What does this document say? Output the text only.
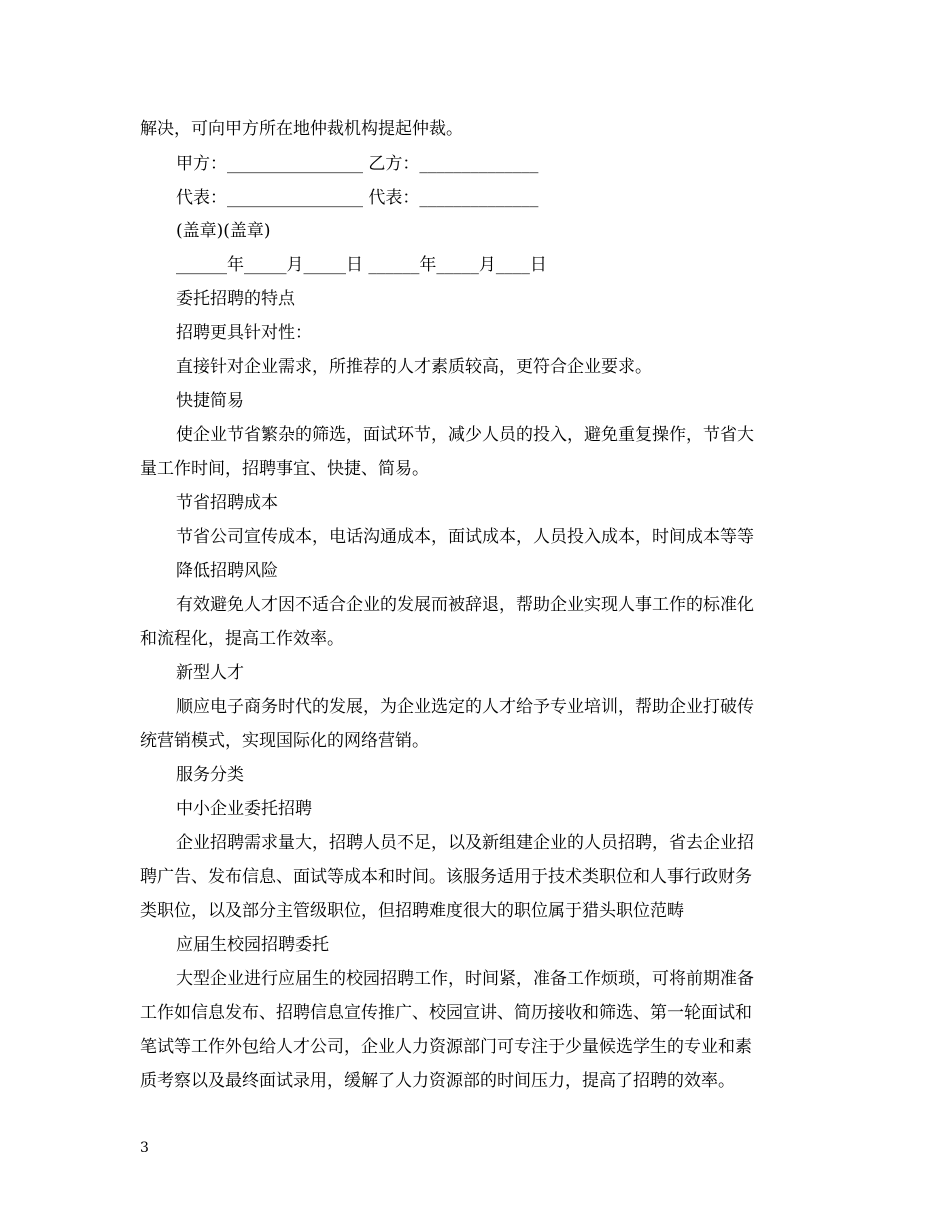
解决，可向甲方所在地仲裁机构提起仲裁。
甲方：________________ 乙方：______________
代表：________________ 代表：______________
(盖章)(盖章)
______年_____月_____日 ______年_____月____日
委托招聘的特点
招聘更具针对性：
直接针对企业需求，所推荐的人才素质较高，更符合企业要求。
快捷简易
使企业节省繁杂的筛选，面试环节，减少人员的投入，避免重复操作，节省大
量工作时间，招聘事宜、快捷、简易。
节省招聘成本
节省公司宣传成本，电话沟通成本，面试成本，人员投入成本，时间成本等等
降低招聘风险
有效避免人才因不适合企业的发展而被辞退，帮助企业实现人事工作的标准化
和流程化，提高工作效率。
新型人才
顺应电子商务时代的发展，为企业选定的人才给予专业培训，帮助企业打破传
统营销模式，实现国际化的网络营销。
服务分类
中小企业委托招聘
企业招聘需求量大，招聘人员不足，以及新组建企业的人员招聘，省去企业招
聘广告、发布信息、面试等成本和时间。该服务适用于技术类职位和人事行政财务
类职位，以及部分主管级职位，但招聘难度很大的职位属于猎头职位范畴
应届生校园招聘委托
大型企业进行应届生的校园招聘工作，时间紧，准备工作烦琐，可将前期准备
工作如信息发布、招聘信息宣传推广、校园宣讲、简历接收和筛选、第一轮面试和
笔试等工作外包给人才公司，企业人力资源部门可专注于少量候选学生的专业和素
质考察以及最终面试录用，缓解了人力资源部的时间压力，提高了招聘的效率。
3
